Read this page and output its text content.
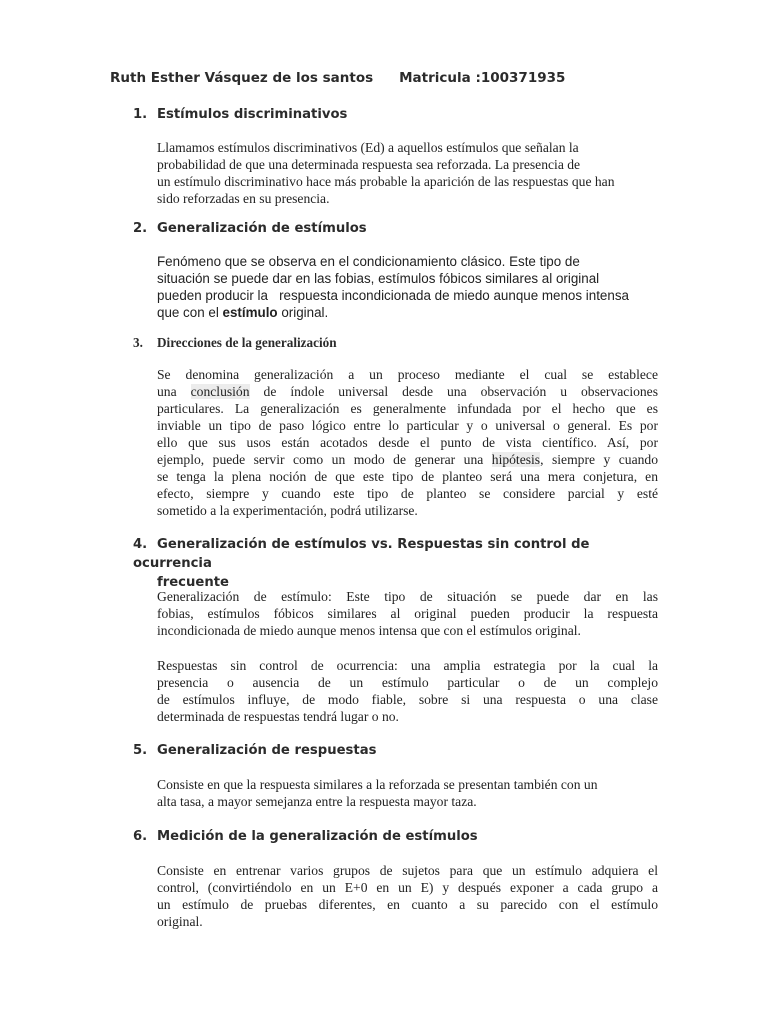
Ruth Esther Vásquez de los santos Matricula :100371935
1. Estímulos discriminativos
Llamamos estímulos discriminativos (Ed) a aquellos estímulos que señalan la
probabilidad de que una determinada respuesta sea reforzada. La presencia de
un estímulo discriminativo hace más probable la aparición de las respuestas que han
sido reforzadas en su presencia.
2. Generalización de estímulos
Fenómeno que se observa en el condicionamiento clásico. Este tipo de
situación se puede dar en las fobias, estímulos fóbicos similares al original
pueden producir la   respuesta incondicionada de miedo aunque menos intensa
que con el estímulo original.
3. Direcciones de la generalización
Se denomina generalización a un proceso mediante el cual se establece
una conclusión de índole universal desde una observación u observaciones
particulares. La generalización es generalmente infundada por el hecho que es
inviable un tipo de paso lógico entre lo particular y o universal o general. Es por
ello que sus usos están acotados desde el punto de vista científico. Así, por
ejemplo, puede servir como un modo de generar una hipótesis, siempre y cuando
se tenga la plena noción de que este tipo de planteo será una mera conjetura, en
efecto, siempre y cuando este tipo de planteo se considere parcial y esté
sometido a la experimentación, podrá utilizarse.
4. Generalización de estímulos vs. Respuestas sin control de ocurrencia
frecuente
Generalización de estímulo: Este tipo de situación se puede dar en las
fobias, estímulos fóbicos similares al original pueden producir la respuesta
incondicionada de miedo aunque menos intensa que con el estímulos original.
Respuestas sin control de ocurrencia: una amplia estrategia por la cual la
presencia o ausencia de un estímulo particular o de un complejo
de estímulos influye, de modo fiable, sobre si una respuesta o una clase
determinada de respuestas tendrá lugar o no.
5. Generalización de respuestas
Consiste en que la respuesta similares a la reforzada se presentan también con un
alta tasa, a mayor semejanza entre la respuesta mayor taza.
6. Medición de la generalización de estímulos
Consiste en entrenar varios grupos de sujetos para que un estímulo adquiera el
control, (convirtiéndolo en un E+0 en un E) y después exponer a cada grupo a
un estímulo de pruebas diferentes, en cuanto a su parecido con el estímulo
original.
